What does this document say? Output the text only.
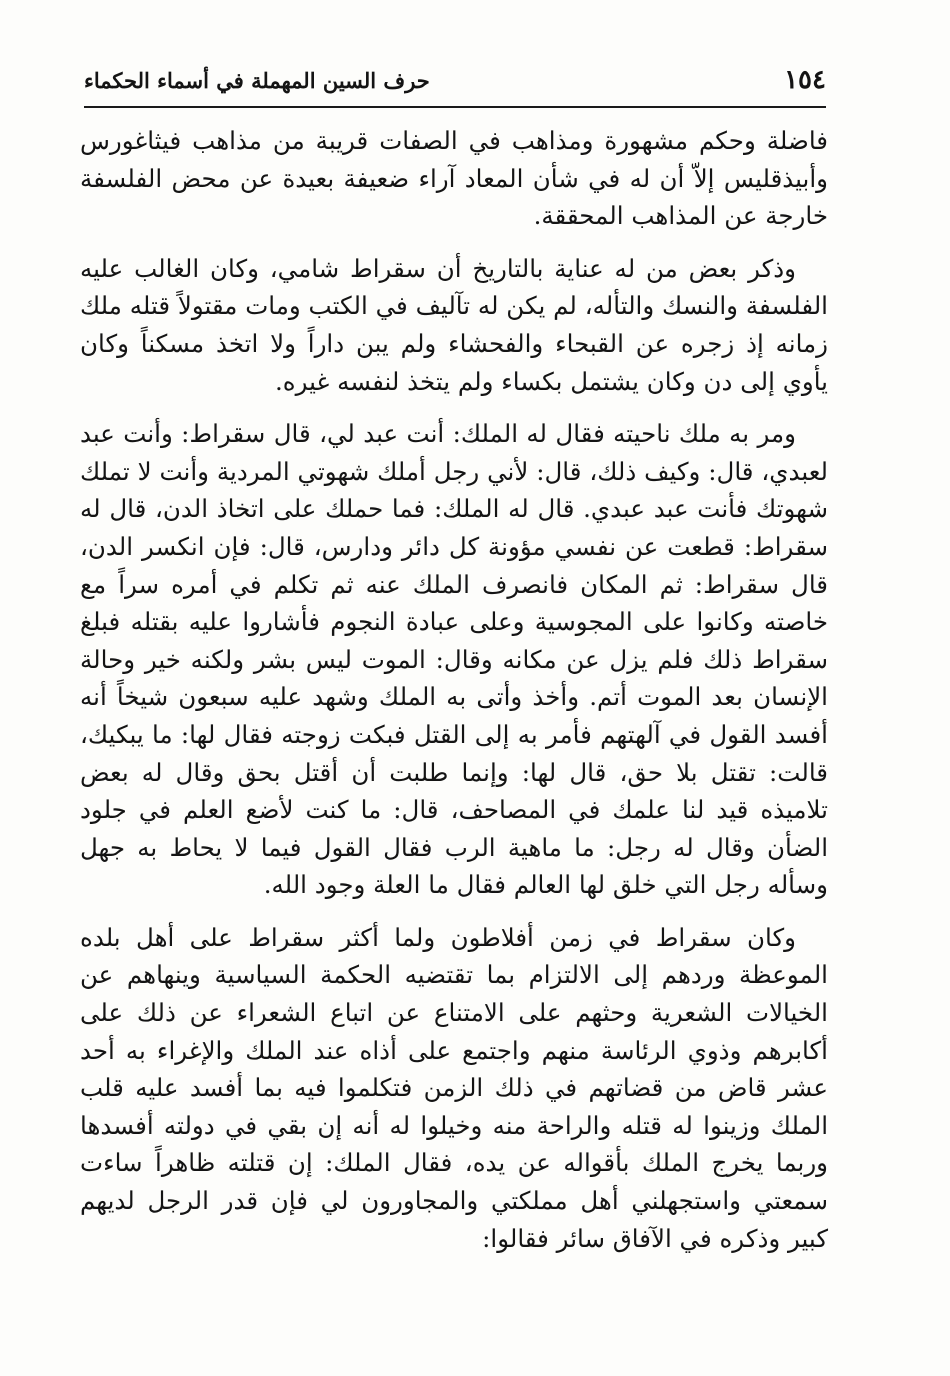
١٥٤
حرف السين المهملة في أسماء الحكماء

فاضلة وحكم مشهورة ومذاهب في الصفات قريبة من مذاهب فيثاغورس وأبيذقليس إلاّ أن له في شأن المعاد آراء ضعيفة بعيدة عن محض الفلسفة خارجة عن المذاهب المحققة.

وذكر بعض من له عناية بالتاريخ أن سقراط شامي، وكان الغالب عليه الفلسفة والنسك والتأله، لم يكن له تآليف في الكتب ومات مقتولاً قتله ملك زمانه إذ زجره عن القبحاء والفحشاء ولم يبن داراً ولا اتخذ مسكناً وكان يأوي إلى دن وكان يشتمل بكساء ولم يتخذ لنفسه غيره.

ومر به ملك ناحيته فقال له الملك: أنت عبد لي، قال سقراط: وأنت عبد لعبدي، قال: وكيف ذلك، قال: لأني رجل أملك شهوتي المردية وأنت لا تملك شهوتك فأنت عبد عبدي. قال له الملك: فما حملك على اتخاذ الدن، قال له سقراط: قطعت عن نفسي مؤونة كل دائر ودارس، قال: فإن انكسر الدن، قال سقراط: ثم المكان فانصرف الملك عنه ثم تكلم في أمره سراً مع خاصته وكانوا على المجوسية وعلى عبادة النجوم فأشاروا عليه بقتله فبلغ سقراط ذلك فلم يزل عن مكانه وقال: الموت ليس بشر ولكنه خير وحالة الإنسان بعد الموت أتم. وأخذ وأتى به الملك وشهد عليه سبعون شيخاً أنه أفسد القول في آلهتهم فأمر به إلى القتل فبكت زوجته فقال لها: ما يبكيك، قالت: تقتل بلا حق، قال لها: وإنما طلبت أن أقتل بحق وقال له بعض تلاميذه قيد لنا علمك في المصاحف، قال: ما كنت لأضع العلم في جلود الضأن وقال له رجل: ما ماهية الرب فقال القول فيما لا يحاط به جهل وسأله رجل التي خلق لها العالم فقال ما العلة وجود الله.

وكان سقراط في زمن أفلاطون ولما أكثر سقراط على أهل بلده الموعظة وردهم إلى الالتزام بما تقتضيه الحكمة السياسية وينهاهم عن الخيالات الشعرية وحثهم على الامتناع عن اتباع الشعراء عن ذلك على أكابرهم وذوي الرئاسة منهم واجتمع على أذاه عند الملك والإغراء به أحد عشر قاض من قضاتهم في ذلك الزمن فتكلموا فيه بما أفسد عليه قلب الملك وزينوا له قتله والراحة منه وخيلوا له أنه إن بقي في دولته أفسدها وربما يخرج الملك بأقواله عن يده، فقال الملك: إن قتلته ظاهراً ساءت سمعتي واستجهلني أهل مملكتي والمجاورون لي فإن قدر الرجل لديهم كبير وذكره في الآفاق سائر فقالوا:
